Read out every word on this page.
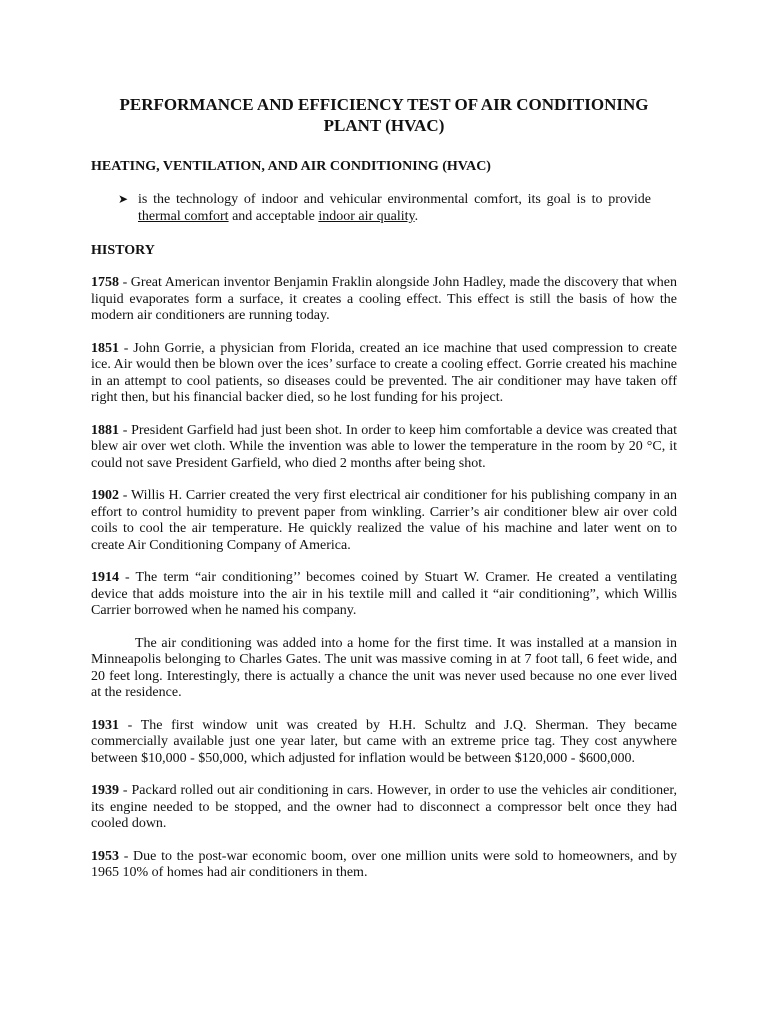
PERFORMANCE AND EFFICIENCY TEST OF AIR CONDITIONING PLANT (HVAC)
HEATING, VENTILATION, AND AIR CONDITIONING (HVAC)
➤ is the technology of indoor and vehicular environmental comfort, its goal is to provide thermal comfort and acceptable indoor air quality.
HISTORY

1758 - Great American inventor Benjamin Fraklin alongside John Hadley, made the discovery that when liquid evaporates form a surface, it creates a cooling effect. This effect is still the basis of how the modern air conditioners are running today.

1851 - John Gorrie, a physician from Florida, created an ice machine that used compression to create ice. Air would then be blown over the ices’ surface to create a cooling effect. Gorrie created his machine in an attempt to cool patients, so diseases could be prevented. The air conditioner may have taken off right then, but his financial backer died, so he lost funding for his project.

1881 - President Garfield had just been shot. In order to keep him comfortable a device was created that blew air over wet cloth. While the invention was able to lower the temperature in the room by 20 °C, it could not save President Garfield, who died 2 months after being shot.

1902 - Willis H. Carrier created the very first electrical air conditioner for his publishing company in an effort to control humidity to prevent paper from winkling. Carrier’s air conditioner blew air over cold coils to cool the air temperature. He quickly realized the value of his machine and later went on to create Air Conditioning Company of America.

1914 - The term “air conditioning’’ becomes coined by Stuart W. Cramer. He created a ventilating device that adds moisture into the air in his textile mill and called it “air conditioning”, which Willis Carrier borrowed when he named his company.

The air conditioning was added into a home for the first time. It was installed at a mansion in Minneapolis belonging to Charles Gates. The unit was massive coming in at 7 foot tall, 6 feet wide, and 20 feet long. Interestingly, there is actually a chance the unit was never used because no one ever lived at the residence.

1931 - The first window unit was created by H.H. Schultz and J.Q. Sherman. They became commercially available just one year later, but came with an extreme price tag. They cost anywhere between $10,000 - $50,000, which adjusted for inflation would be between $120,000 - $600,000.

1939 - Packard rolled out air conditioning in cars. However, in order to use the vehicles air conditioner, its engine needed to be stopped, and the owner had to disconnect a compressor belt once they had cooled down.

1953 - Due to the post-war economic boom, over one million units were sold to homeowners, and by 1965 10% of homes had air conditioners in them.
